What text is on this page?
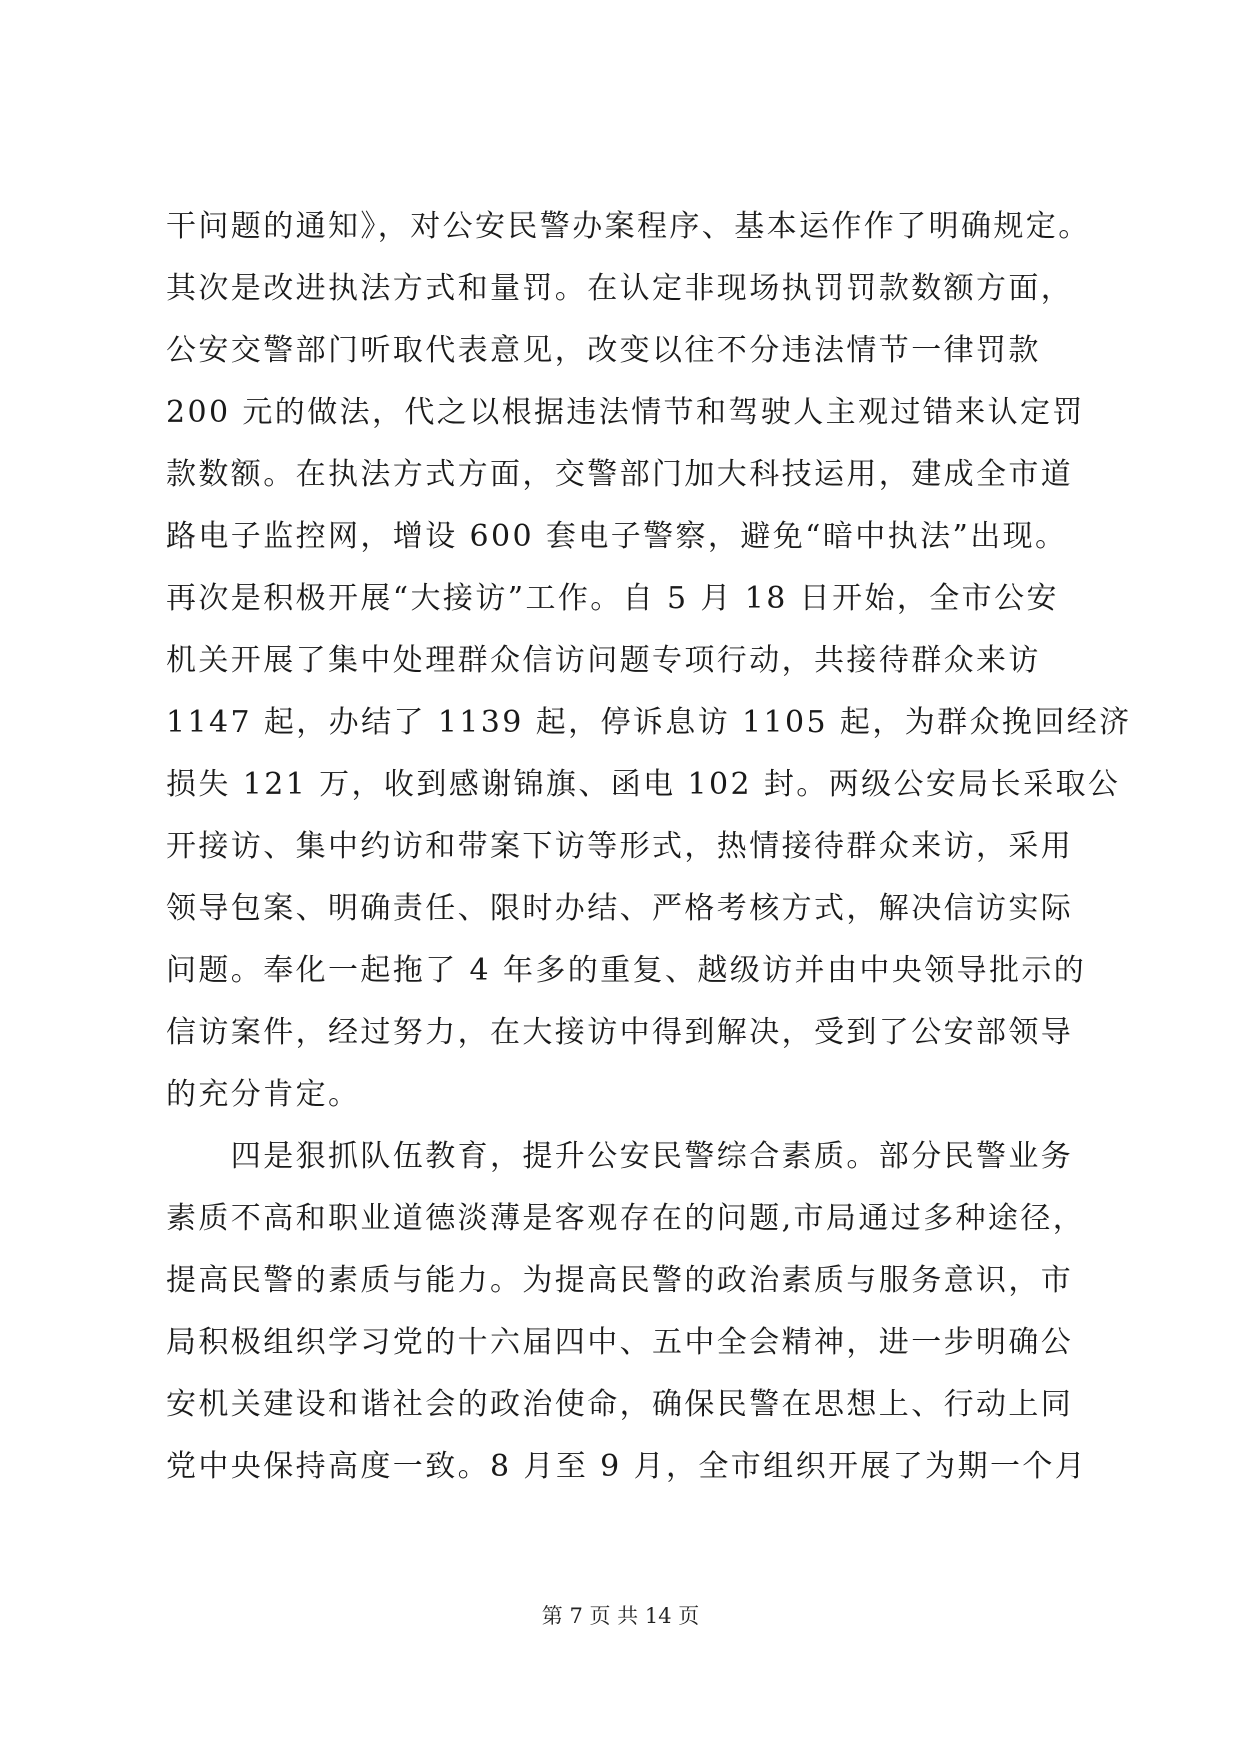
干问题的通知》，对公安民警办案程序、基本运作作了明确规定。
其次是改进执法方式和量罚。在认定非现场执罚罚款数额方面，
公安交警部门听取代表意见，改变以往不分违法情节一律罚款
200 元的做法，代之以根据违法情节和驾驶人主观过错来认定罚
款数额。在执法方式方面，交警部门加大科技运用，建成全市道
路电子监控网，增设 600 套电子警察，避免“暗中执法”出现。
再次是积极开展“大接访”工作。自 5 月 18 日开始，全市公安
机关开展了集中处理群众信访问题专项行动，共接待群众来访
1147 起，办结了 1139 起，停诉息访 1105 起，为群众挽回经济
损失 121 万，收到感谢锦旗、函电 102 封。两级公安局长采取公
开接访、集中约访和带案下访等形式，热情接待群众来访，采用
领导包案、明确责任、限时办结、严格考核方式，解决信访实际
问题。奉化一起拖了 4 年多的重复、越级访并由中央领导批示的
信访案件，经过努力，在大接访中得到解决，受到了公安部领导
的充分肯定。
　　四是狠抓队伍教育，提升公安民警综合素质。部分民警业务
素质不高和职业道德淡薄是客观存在的问题,市局通过多种途径，
提高民警的素质与能力。为提高民警的政治素质与服务意识，市
局积极组织学习党的十六届四中、五中全会精神，进一步明确公
安机关建设和谐社会的政治使命，确保民警在思想上、行动上同
党中央保持高度一致。8 月至 9 月，全市组织开展了为期一个月
第 7 页 共 14 页
